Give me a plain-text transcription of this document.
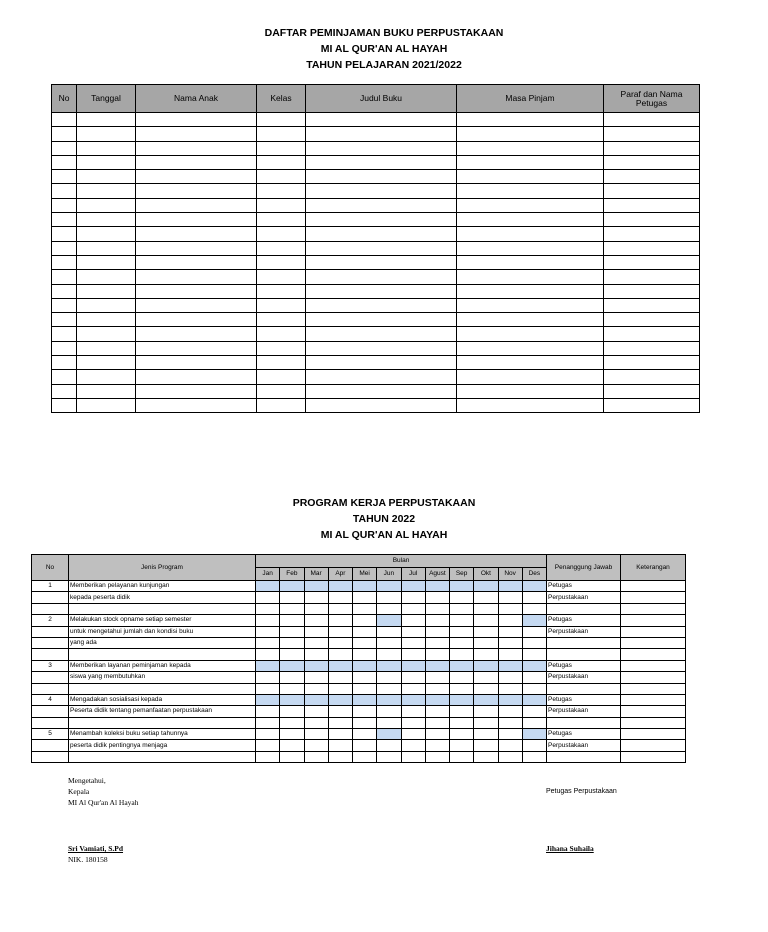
DAFTAR PEMINJAMAN BUKU PERPUSTAKAAN
MI AL QUR'AN AL HAYAH
TAHUN PELAJARAN 2021/2022
No	Tanggal	Nama Anak	Kelas	Judul Buku	Masa Pinjam	Paraf dan Nama Petugas

PROGRAM KERJA PERPUSTAKAAN
TAHUN 2022
MI AL QUR'AN AL HAYAH
No	Jenis Program	Bulan												Penanggung Jawab	Keterangan
		Jan	Feb	Mar	Apr	Mei	Jun	Jul	Agust	Sep	Okt	Nov	Des		
1	Memberikan pelayanan kunjungan													Petugas	
	kepada peserta didik													Perpustakaan	

2	Melakukan stock opname setiap semester													Petugas	
	untuk mengetahui jumlah dan kondisi buku													Perpustakaan	
	yang ada														

3	Memberikan layanan peminjaman kepada													Petugas	
	siswa yang membutuhkan													Perpustakaan	

4	Mengadakan sosialisasi kepada													Petugas	
	Peserta didik tentang pemanfaatan perpustakaan													Perpustakaan	

5	Menambah koleksi buku setiap tahunnya													Petugas	
	peserta didik pentingnya menjaga													Perpustakaan	

Mengetahui,
Kepala
MI Al Qur'an Al Hayah
Sri Vamiati, S.Pd
NIK. 180158
Petugas Perpustakaan
Jihana Suhaila
